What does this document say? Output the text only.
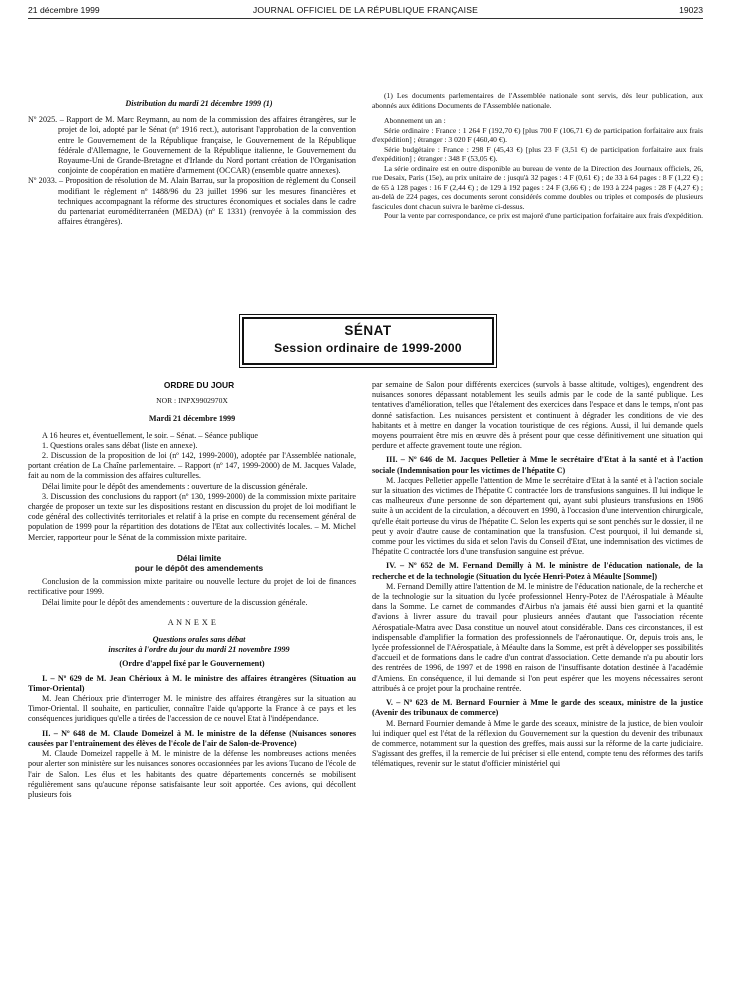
21 décembre 1999	JOURNAL OFFICIEL DE LA RÉPUBLIQUE FRANÇAISE	19023

Distribution du mardi 21 décembre 1999 (1)

Nº 2025. – Rapport de M. Marc Reymann, au nom de la commission des affaires étrangères, sur le projet de loi, adopté par le Sénat (nº 1916 rect.), autorisant l'approbation de la convention entre le Gouvernement de la République française, le Gouvernement de la République fédérale d'Allemagne, le Gouvernement de la République italienne, le Gouvernement du Royaume-Uni de Grande-Bretagne et d'Irlande du Nord portant création de l'Organisation conjointe de coopération en matière d'armement (OCCAR) (ensemble quatre annexes).

Nº 2033. – Proposition de résolution de M. Alain Barrau, sur la proposition de règlement du Conseil modifiant le règlement nº 1488/96 du 23 juillet 1996 sur les mesures financières et techniques accompagnant la réforme des structures économiques et sociales dans le cadre du partenariat euroméditerranéen (MEDA) (nº E 1331) (renvoyée à la commission des affaires étrangères).

(1) Les documents parlementaires de l'Assemblée nationale sont servis, dès leur publication, aux abonnés aux éditions Documents de l'Assemblée nationale.

Abonnement un an :

Série ordinaire : France : 1 264 F (192,70 €) [plus 700 F (106,71 €) de participation forfaitaire aux frais d'expédition] ; étranger : 3 020 F (460,40 €).

Série budgétaire : France : 298 F (45,43 €) [plus 23 F (3,51 €) de participation forfaitaire aux frais d'expédition] ; étranger : 348 F (53,05 €).

La série ordinaire est en outre disponible au bureau de vente de la Direction des Journaux officiels, 26, rue Desaix, Paris (15e), au prix unitaire de : jusqu'à 32 pages : 4 F (0,61 €) ; de 33 à 64 pages : 8 F (1,22 €) ; de 65 à 128 pages : 16 F (2,44 €) ; de 129 à 192 pages : 24 F (3,66 €) ; de 193 à 224 pages : 28 F (4,27 €) ; au-delà de 224 pages, ces documents seront considérés comme doubles ou triples et composés de plusieurs fascicules dont chacun suivra le barème ci-dessus.

Pour la vente par correspondance, ce prix est majoré d'une participation forfaitaire aux frais d'expédition.

SÉNAT
Session ordinaire de 1999-2000

ORDRE DU JOUR

NOR : INPX9902970X

Mardi 21 décembre 1999

A 16 heures et, éventuellement, le soir. – Sénat. – Séance publique

1. Questions orales sans débat (liste en annexe).

2. Discussion de la proposition de loi (nº 142, 1999-2000), adoptée par l'Assemblée nationale, portant création de La Chaîne parlementaire. – Rapport (nº 147, 1999-2000) de M. Jacques Valade, fait au nom de la commission des affaires culturelles.

Délai limite pour le dépôt des amendements : ouverture de la discussion générale.

3. Discussion des conclusions du rapport (nº 130, 1999-2000) de la commission mixte paritaire chargée de proposer un texte sur les dispositions restant en discussion du projet de loi modifiant le code général des collectivités territoriales et relatif à la prise en compte du recensement général de population de 1999 pour la répartition des dotations de l'Etat aux collectivités locales. – M. Michel Mercier, rapporteur pour le Sénat de la commission mixte paritaire.

Délai limite

pour le dépôt des amendements

Conclusion de la commission mixte paritaire ou nouvelle lecture du projet de loi de finances rectificative pour 1999.

Délai limite pour le dépôt des amendements : ouverture de la discussion générale.

A N N E X E

Questions orales sans débat

inscrites à l'ordre du jour du mardi 21 novembre 1999

(Ordre d'appel fixé par le Gouvernement)

I. – Nº 629 de M. Jean Chérioux à M. le ministre des affaires étrangères (Situation au Timor-Oriental)

M. Jean Chérioux prie d'interroger M. le ministre des affaires étrangères sur la situation au Timor-Oriental. Il souhaite, en particulier, connaître l'aide qu'apporte la France à ce pays et les conséquences juridiques qu'elle a tirées de l'accession de ce nouvel Etat à l'indépendance.

II. – Nº 648 de M. Claude Domeizel à M. le ministre de la défense (Nuisances sonores causées par l'entraînement des élèves de l'école de l'air de Salon-de-Provence)

M. Claude Domeizel rappelle à M. le ministre de la défense les nombreuses actions menées pour alerter son ministère sur les nuisances sonores occasionnées par les avions Tucano de l'école de l'air de Salon. Les élus et les habitants des quatre départements concernés se mobilisent régulièrement sans qu'aucune réponse satisfaisante leur soit apportée. Ces avions, qui décollent plusieurs fois

par semaine de Salon pour différents exercices (survols à basse altitude, voltiges), engendrent des nuisances sonores dépassant notablement les seuils admis par le code de la santé publique. Les tentatives d'amélioration, telles que l'étalement des exercices dans l'espace et dans le temps, n'ont pas donné satisfaction. Les nuisances persistent et continuent à dégrader les conditions de vie des habitants et à mettre en danger la vocation touristique de ces régions. Aussi, il lui demande quels moyens pourraient être mis en œuvre dès à présent pour que cesse définitivement une situation qui perdure et affecte gravement toute une région.

III. – Nº 646 de M. Jacques Pelletier à Mme le secrétaire d'Etat à la santé et à l'action sociale (Indemnisation pour les victimes de l'hépatite C)

M. Jacques Pelletier appelle l'attention de Mme le secrétaire d'Etat à la santé et à l'action sociale sur la situation des victimes de l'hépatite C contractée lors de transfusions sanguines. Il lui indique le cas malheureux d'une personne de son département qui, ayant subi plusieurs transfusions en 1986 suite à un accident de la circulation, a découvert en 1990, à l'occasion d'une intervention chirurgicale, qu'elle était porteuse du virus de l'hépatite C. Selon les experts qui se sont penchés sur le dossier, il ne peut y avoir d'autre cause de contamination que la transfusion. C'est pourquoi, il lui demande si, comme pour les victimes du sida et selon l'avis du Conseil d'Etat, une indemnisation des victimes de l'hépatite C contractée lors d'une transfusion sanguine est prévue.

IV. – Nº 652 de M. Fernand Demilly à M. le ministre de l'éducation nationale, de la recherche et de la technologie (Situation du lycée Henri-Potez à Méaulte [Somme])

M. Fernand Demilly attire l'attention de M. le ministre de l'éducation nationale, de la recherche et de la technologie sur la situation du lycée professionnel Henry-Potez de l'Aérospatiale à Méaulte dans la Somme. Le carnet de commandes d'Airbus n'a jamais été aussi bien garni et la quantité d'avions à livrer assure du travail pour plusieurs années d'autant que l'association récente Aérospatiale-Matra avec Dasa constitue un nouvel atout considérable. Dans ces circonstances, il est indispensable d'amplifier la formation des professionnels de l'aéronautique. Or, depuis trois ans, le lycée professionnel de l'Aérospatiale, à Méaulte dans la Somme, est prêt à développer ses possibilités d'accueil et de formations dans le cadre d'un contrat d'association. Cette demande n'a pu aboutir lors des rentrées de 1996, de 1997 et de 1998 en raison de l'insuffisante dotation destinée à l'académie d'Amiens. En conséquence, il lui demande si l'on peut espérer que les moyens nécessaires seront attribués à ce projet pour la prochaine rentrée.

V. – Nº 623 de M. Bernard Fournier à Mme le garde des sceaux, ministre de la justice (Avenir des tribunaux de commerce)

M. Bernard Fournier demande à Mme le garde des sceaux, ministre de la justice, de bien vouloir lui indiquer quel est l'état de la réflexion du Gouvernement sur la question du devenir des tribunaux de commerce, notamment sur la question des greffes, mais aussi sur la réforme de la carte judiciaire. S'agissant des greffes, il la remercie de lui préciser si elle entend, compte tenu des réformes des tarifs télématiques, revenir sur le statut d'officier ministériel qui
